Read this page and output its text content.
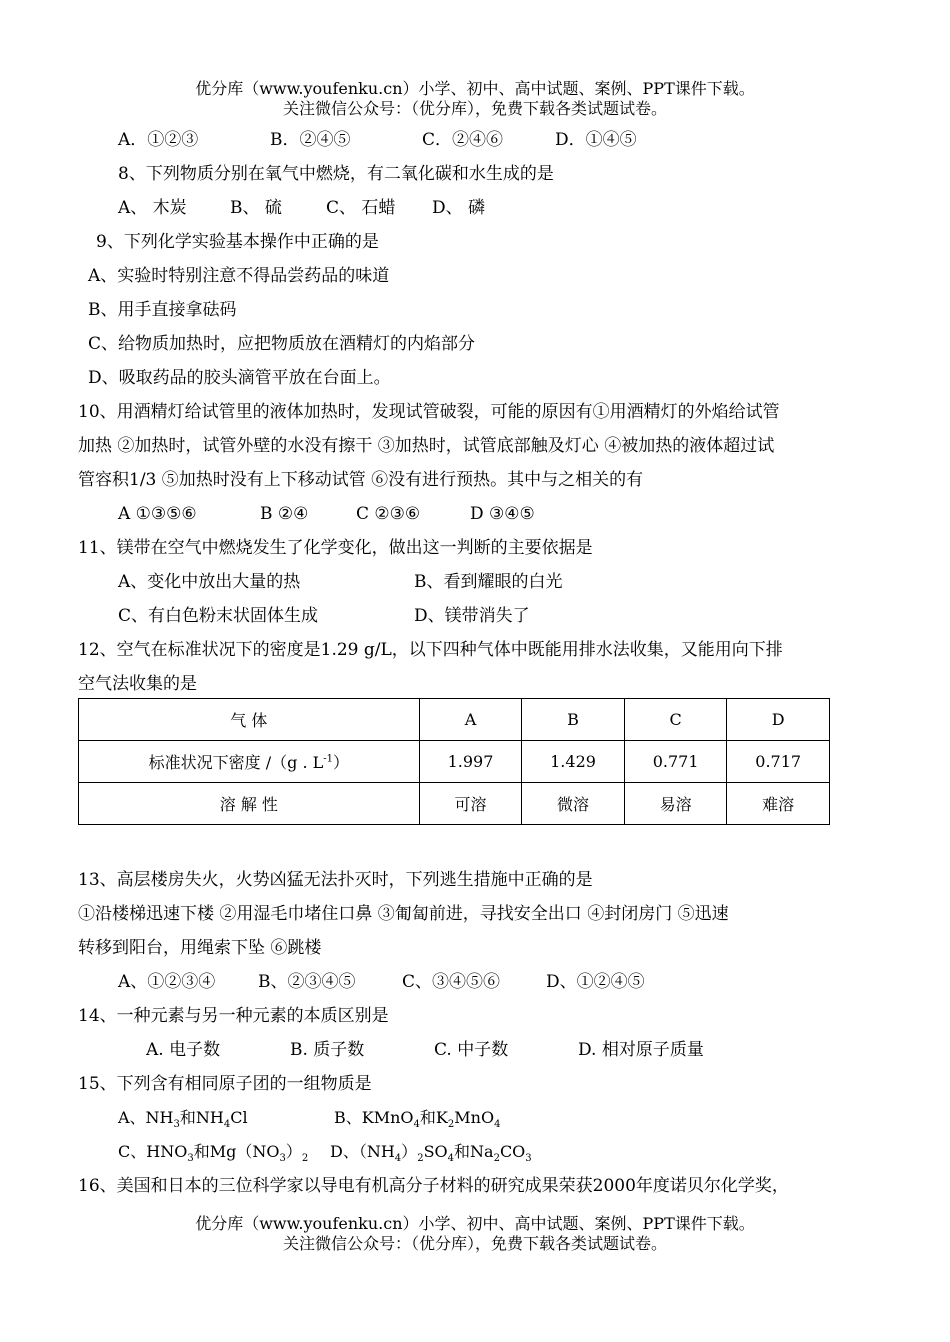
优分库（www.youfenku.cn）小学、初中、高中试题、案例、PPT课件下载。
关注微信公众号：（优分库），免费下载各类试题试卷。
A．①②③	B．②④⑤	C．②④⑥	D．①④⑤
8、下列物质分别在氧气中燃烧，有二氧化碳和水生成的是
A、 木炭	B、 硫	C、 石蜡 D、 磷
9、下列化学实验基本操作中正确的是
A、实验时特别注意不得品尝药品的味道
B、用手直接拿砝码
C、给物质加热时，应把物质放在酒精灯的内焰部分
D、吸取药品的胶头滴管平放在台面上。
10、用酒精灯给试管里的液体加热时，发现试管破裂，可能的原因有①用酒精灯的外焰给试管
加热 ②加热时，试管外壁的水没有擦干 ③加热时，试管底部触及灯心 ④被加热的液体超过试
管容积1/3 ⑤加热时没有上下移动试管 ⑥没有进行预热。其中与之相关的有
A ①③⑤⑥	B ②④	C ②③⑥	D ③④⑤
11、镁带在空气中燃烧发生了化学变化，做出这一判断的主要依据是
A、变化中放出大量的热	B、看到耀眼的白光
C、有白色粉末状固体生成	D、镁带消失了
12、空气在标准状况下的密度是1.29 g/L，以下四种气体中既能用排水法收集，又能用向下排
空气法收集的是
气 体	A	B	C	D
标准状况下密度 /（g . $L^{-1}$）	1.997	1.429	0.771	0.717
溶 解 性	可溶	微溶	易溶	难溶
13、高层楼房失火，火势凶猛无法扑灭时，下列逃生措施中正确的是
①沿楼梯迅速下楼 ②用湿毛巾堵住口鼻 ③匍匐前进，寻找安全出口 ④封闭房门 ⑤迅速
转移到阳台，用绳索下坠 ⑥跳楼
A、①②③④	B、②③④⑤	C、③④⑤⑥	D、①②④⑤
14、一种元素与另一种元素的本质区别是
A. 电子数	B. 质子数	C. 中子数	D. 相对原子质量
15、下列含有相同原子团的一组物质是
A、$NH_3$和$NH_4Cl$	B、KMnO$_4$和$K_2MnO_4$
C、$HNO_3$和$Mg(NO_3)_2$ D、$(NH_4)_2SO_4$和$Na_2CO_3$
16、美国和日本的三位科学家以导电有机高分子材料的研究成果荣获2000年度诺贝尔化学奖，
优分库（www.youfenku.cn）小学、初中、高中试题、案例、PPT课件下载。
关注微信公众号：（优分库），免费下载各类试题试卷。
